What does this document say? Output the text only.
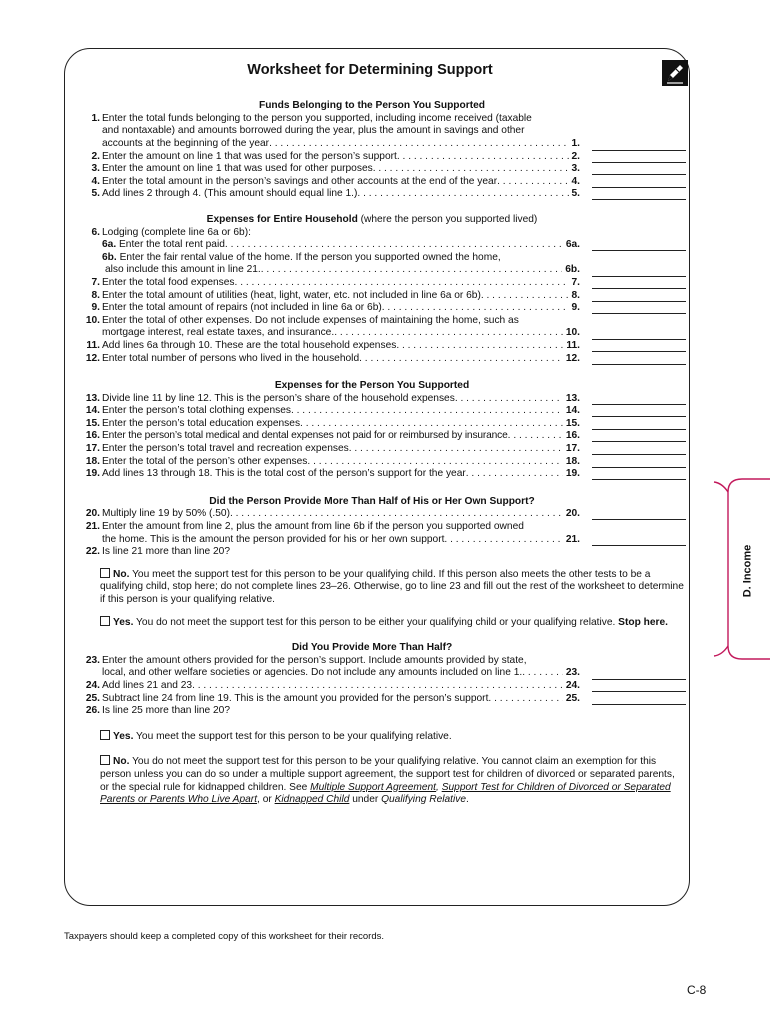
Worksheet for Determining Support
Funds Belonging to the Person You Supported
1. Enter the total funds belonging to the person you supported, including income received (taxable
and nontaxable) and amounts borrowed during the year, plus the amount in savings and other
accounts at the beginning of the year . . .	1.
2. Enter the amount on line 1 that was used for the person’s support . . .	2.
3. Enter the amount on line 1 that was used for other purposes . . .	3.
4. Enter the total amount in the person’s savings and other accounts at the end of the year . . .	4.
5. Add lines 2 through 4. (This amount should equal line 1.) . . .	5.
Expenses for Entire Household (where the person you supported lived)
6. Lodging (complete line 6a or 6b):
6a. Enter the total rent paid . . .	6a.
6b. Enter the fair rental value of the home. If the person you supported owned the home,
also include this amount in line 21. . . .	6b.
7. Enter the total food expenses . . .	7.
8. Enter the total amount of utilities (heat, light, water, etc. not included in line 6a or 6b) . . .	8.
9. Enter the total amount of repairs (not included in line 6a or 6b) . . .	9.
10. Enter the total of other expenses. Do not include expenses of maintaining the home, such as
mortgage interest, real estate taxes, and insurance. . . .	10.
11. Add lines 6a through 10. These are the total household expenses . . .	11.
12. Enter total number of persons who lived in the household . . .	12.
Expenses for the Person You Supported
13. Divide line 11 by line 12. This is the person’s share of the household expenses . . .	13.
14. Enter the person’s total clothing expenses . . .	14.
15. Enter the person’s total education expenses . . .	15.
16. Enter the person’s total medical and dental expenses not paid for or reimbursed by insurance . . .	16.
17. Enter the person’s total travel and recreation expenses . . .	17.
18. Enter the total of the person’s other expenses . . .	18.
19. Add lines 13 through 18. This is the total cost of the person’s support for the year . . .	19.
Did the Person Provide More Than Half of His or Her Own Support?
20. Multiply line 19 by 50% (.50) . . .	20.
21. Enter the amount from line 2, plus the amount from line 6b if the person you supported owned
the home. This is the amount the person provided for his or her own support . . .	21.
22. Is line 21 more than line 20?
No. You meet the support test for this person to be your qualifying child. If this person also meets the other tests to be a qualifying child, stop here; do not complete lines 23–26. Otherwise, go to line 23 and fill out the rest of the worksheet to determine if this person is your qualifying relative.
Yes. You do not meet the support test for this person to be either your qualifying child or your qualifying relative. Stop here.
Did You Provide More Than Half?
23. Enter the amount others provided for the person’s support. Include amounts provided by state,
local, and other welfare societies or agencies. Do not include any amounts included on line 1. . . .	23.
24. Add lines 21 and 23 . . .	24.
25. Subtract line 24 from line 19. This is the amount you provided for the person’s support . . .	25.
26. Is line 25 more than line 20?
Yes. You meet the support test for this person to be your qualifying relative.
No. You do not meet the support test for this person to be your qualifying relative. You cannot claim an exemption for this person unless you can do so under a multiple support agreement, the support test for children of divorced or separated parents, or the special rule for kidnapped children. See Multiple Support Agreement, Support Test for Children of Divorced or Separated Parents or Parents Who Live Apart, or Kidnapped Child under Qualifying Relative.
Taxpayers should keep a completed copy of this worksheet for their records.
C-8
D. Income
